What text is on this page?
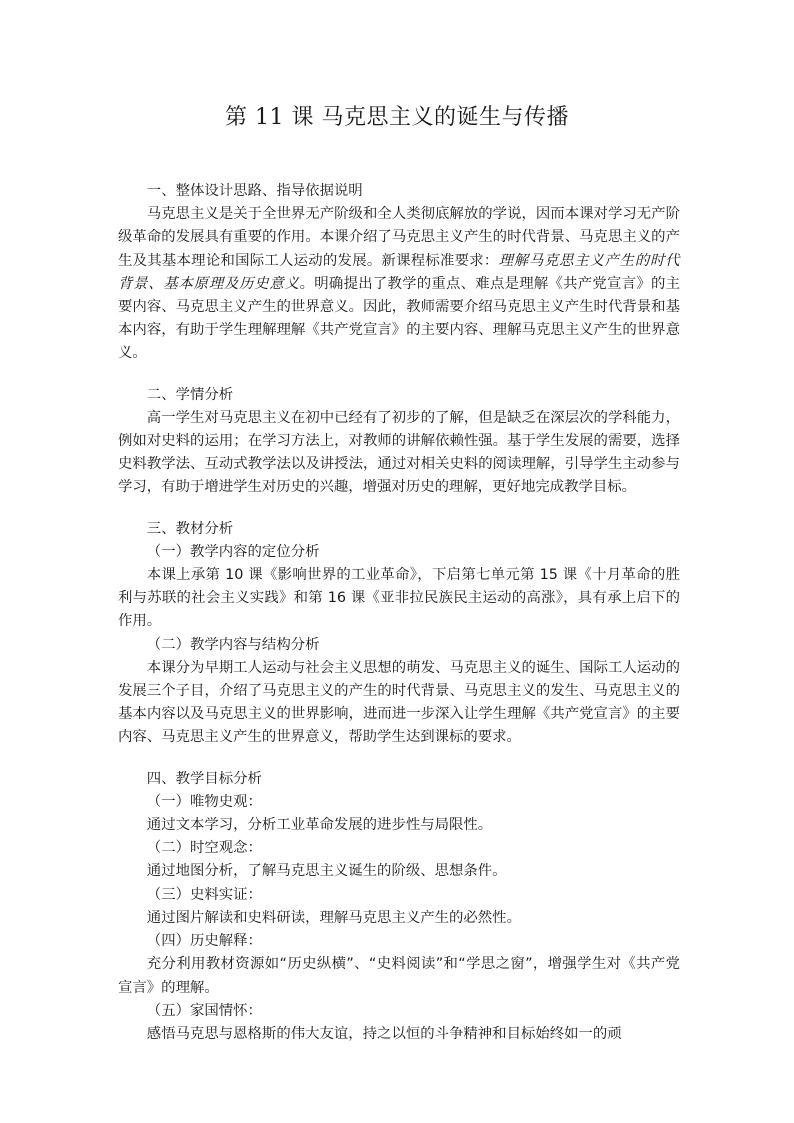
第 11 课 马克思主义的诞生与传播

一、整体设计思路、指导依据说明

马克思主义是关于全世界无产阶级和全人类彻底解放的学说，因而本课对学习无产阶级革命的发展具有重要的作用。本课介绍了马克思主义产生的时代背景、马克思主义的产生及其基本理论和国际工人运动的发展。新课程标准要求：理解马克思主义产生的时代背景、基本原理及历史意义。明确提出了教学的重点、难点是理解《共产党宣言》的主要内容、马克思主义产生的世界意义。因此，教师需要介绍马克思主义产生时代背景和基本内容，有助于学生理解理解《共产党宣言》的主要内容、理解马克思主义产生的世界意义。

二、学情分析

高一学生对马克思主义在初中已经有了初步的了解，但是缺乏在深层次的学科能力，例如对史料的运用；在学习方法上，对教师的讲解依赖性强。基于学生发展的需要，选择史料教学法、互动式教学法以及讲授法，通过对相关史料的阅读理解，引导学生主动参与学习，有助于增进学生对历史的兴趣，增强对历史的理解，更好地完成教学目标。

三、教材分析

（一）教学内容的定位分析

本课上承第 10 课《影响世界的工业革命》，下启第七单元第 15 课《十月革命的胜利与苏联的社会主义实践》和第 16 课《亚非拉民族民主运动的高涨》，具有承上启下的作用。

（二）教学内容与结构分析

本课分为早期工人运动与社会主义思想的萌发、马克思主义的诞生、国际工人运动的发展三个子目，介绍了马克思主义的产生的时代背景、马克思主义的发生、马克思主义的基本内容以及马克思主义的世界影响，进而进一步深入让学生理解《共产党宣言》的主要内容、马克思主义产生的世界意义，帮助学生达到课标的要求。

四、教学目标分析

（一）唯物史观：

通过文本学习，分析工业革命发展的进步性与局限性。

（二）时空观念：

通过地图分析，了解马克思主义诞生的阶级、思想条件。

（三）史料实证：

通过图片解读和史料研读，理解马克思主义产生的必然性。

（四）历史解释：

充分利用教材资源如“历史纵横”、“史料阅读”和“学思之窗”，增强学生对《共产党宣言》的理解。

（五）家国情怀：

感悟马克思与恩格斯的伟大友谊，持之以恒的斗争精神和目标始终如一的顽
